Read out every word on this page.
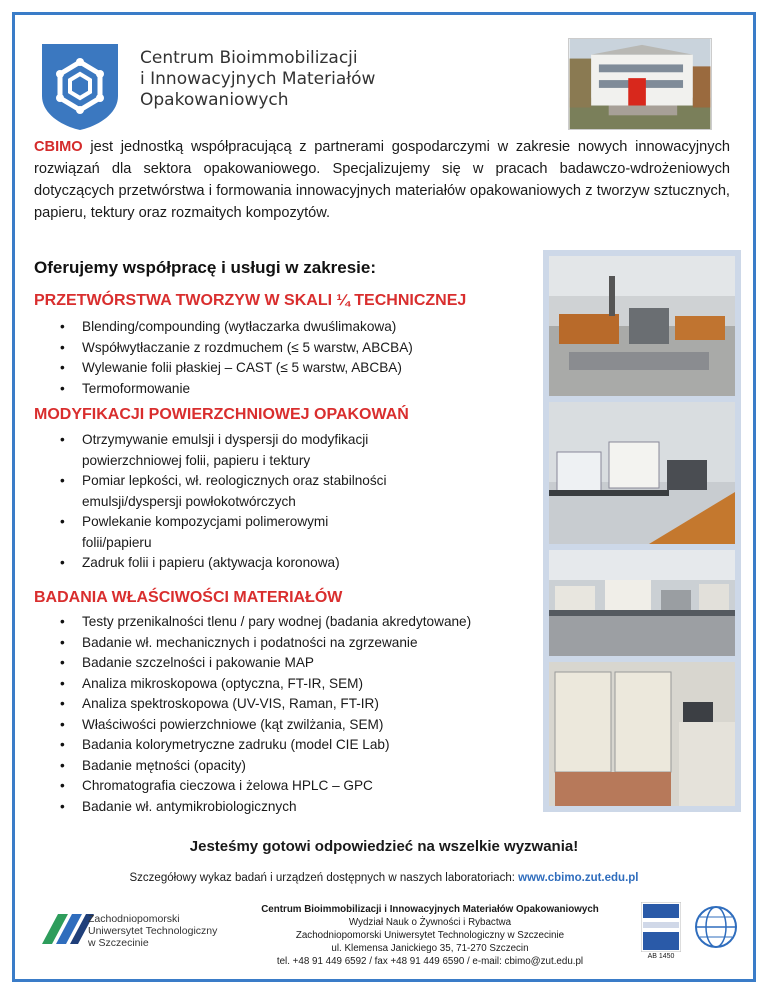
Centrum Bioimmobilizacji
i Innowacyjnych Materiałów
Opakowaniowych

CBIMO jest jednostką współpracującą z partnerami gospodarczymi w zakresie nowych innowacyjnych rozwiązań dla sektora opakowaniowego. Specjalizujemy się w pracach badawczo-wdrożeniowych dotyczących przetwórstwa i formowania innowacyjnych materiałów opakowaniowych z tworzyw sztucznych, papieru, tektury oraz rozmaitych kompozytów.

Oferujemy współpracę i usługi w zakresie:
PRZETWÓRSTWA TWORZYW W SKALI ¼ TECHNICZNEJ
• Blending/compounding (wytłaczarka dwuślimakowa)
• Współwytłaczanie z rozdmuchem (≤ 5 warstw, ABCBA)
• Wylewanie folii płaskiej – CAST (≤ 5 warstw, ABCBA)
• Termoformowanie
MODYFIKACJI POWIERZCHNIOWEJ OPAKOWAŃ
• Otrzymywanie emulsji i dyspersji do modyfikacji powierzchniowej folii, papieru i tektury
• Pomiar lepkości, wł. reologicznych oraz stabilności emulsji/dyspersji powłokotwórczych
• Powlekanie kompozycjami polimerowymi folii/papieru
• Zadruk folii i papieru (aktywacja koronowa)
BADANIA WŁAŚCIWOŚCI MATERIAŁÓW
• Testy przenikalności tlenu / pary wodnej (badania akredytowane)
• Badanie wł. mechanicznych i podatności na zgrzewanie
• Badanie szczelności i pakowanie MAP
• Analiza mikroskopowa (optyczna, FT-IR, SEM)
• Analiza spektroskopowa (UV-VIS, Raman, FT-IR)
• Właściwości powierzchniowe (kąt zwilżania, SEM)
• Badania kolorymetryczne zadruku (model CIE Lab)
• Badanie mętności (opacity)
• Chromatografia cieczowa i żelowa HPLC – GPC
• Badanie wł. antymikrobiologicznych
Jesteśmy gotowi odpowiedzieć na wszelkie wyzwania!
Szczegółowy wykaz badań i urządzeń dostępnych w naszych laboratoriach: www.cbimo.zut.edu.pl
Zachodniopomorski
Uniwersytet Technologiczny
w Szczecinie
Centrum Bioimmobilizacji i Innowacyjnych Materiałów Opakowaniowych
Wydział Nauk o Żywności i Rybactwa
Zachodniopomorski Uniwersytet Technologiczny w Szczecinie
ul. Klemensa Janickiego 35, 71-270 Szczecin
tel. +48 91 449 6592 / fax +48 91 449 6590 / e-mail: cbimo@zut.edu.pl	AB 1450
